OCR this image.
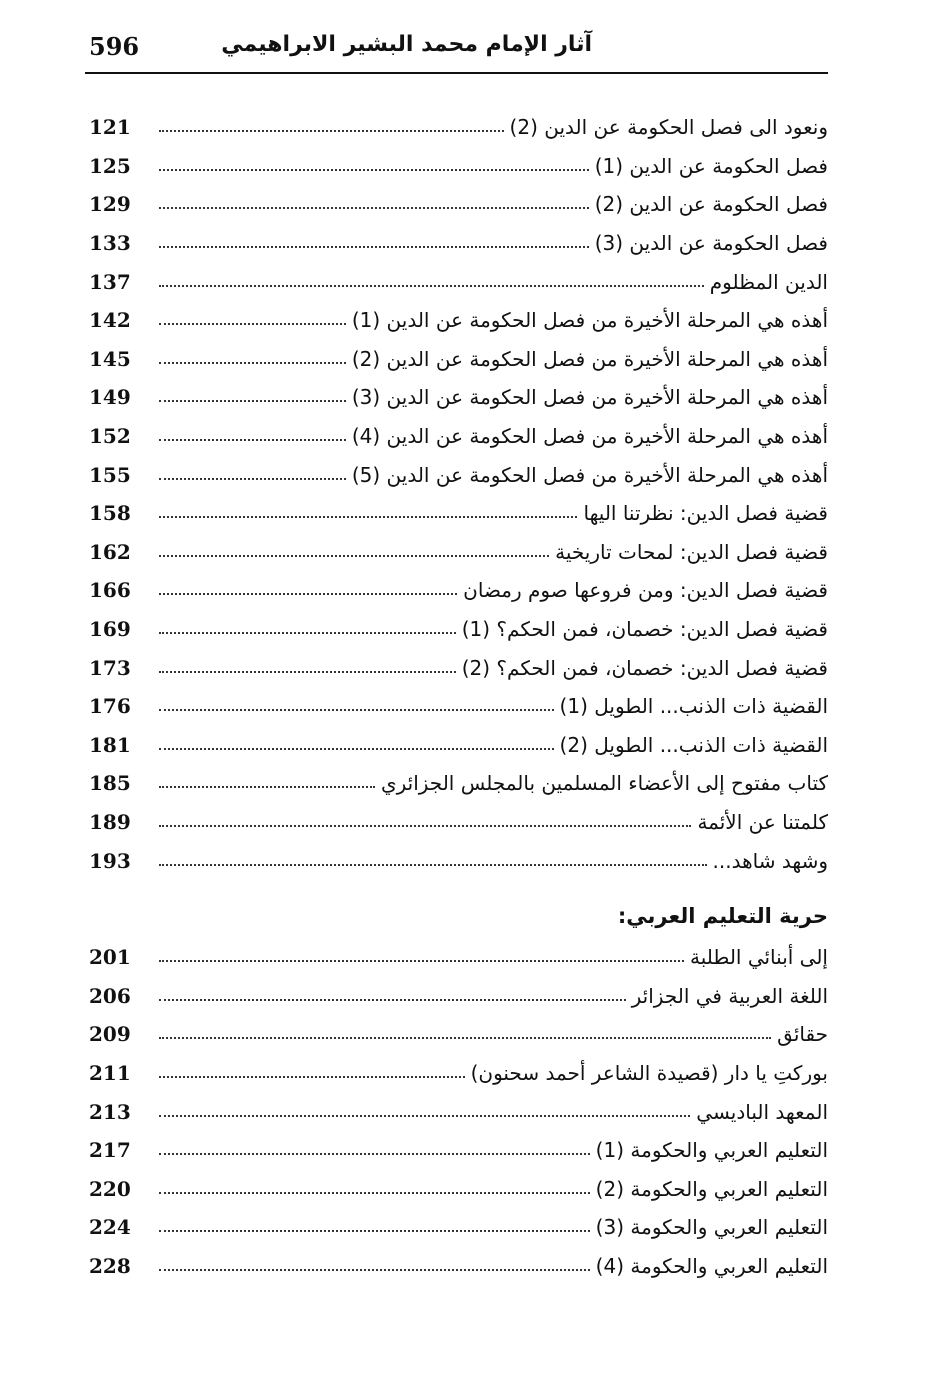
596	آثار الإمام محمد البشير الابراهيمي
ونعود الى فصل الحكومة عن الدين (2)
121
فصل الحكومة عن الدين (1)
125
فصل الحكومة عن الدين (2)
129
فصل الحكومة عن الدين (3)
133
الدين المظلوم
137
أهذه هي المرحلة الأخيرة من فصل الحكومة عن الدين (1)
142
أهذه هي المرحلة الأخيرة من فصل الحكومة عن الدين (2)
145
أهذه هي المرحلة الأخيرة من فصل الحكومة عن الدين (3)
149
أهذه هي المرحلة الأخيرة من فصل الحكومة عن الدين (4)
152
أهذه هي المرحلة الأخيرة من فصل الحكومة عن الدين (5)
155
قضية فصل الدين: نظرتنا اليها
158
قضية فصل الدين: لمحات تاريخية
162
قضية فصل الدين: ومن فروعها صوم رمضان
166
قضية فصل الدين: خصمان، فمن الحكم؟ (1)
169
قضية فصل الدين: خصمان، فمن الحكم؟ (2)
173
القضية ذات الذنب... الطويل (1)
176
القضية ذات الذنب... الطويل (2)
181
كتاب مفتوح إلى الأعضاء المسلمين بالمجلس الجزائري
185
كلمتنا عن الأئمة
189
وشهد شاهد...
193
حرية التعليم العربي:
إلى أبنائي الطلبة
201
اللغة العربية في الجزائر
206
حقائق
209
بوركتِ يا دار (قصيدة الشاعر أحمد سحنون)
211
المعهد الباديسي
213
التعليم العربي والحكومة (1)
217
التعليم العربي والحكومة (2)
220
التعليم العربي والحكومة (3)
224
التعليم العربي والحكومة (4)
228
